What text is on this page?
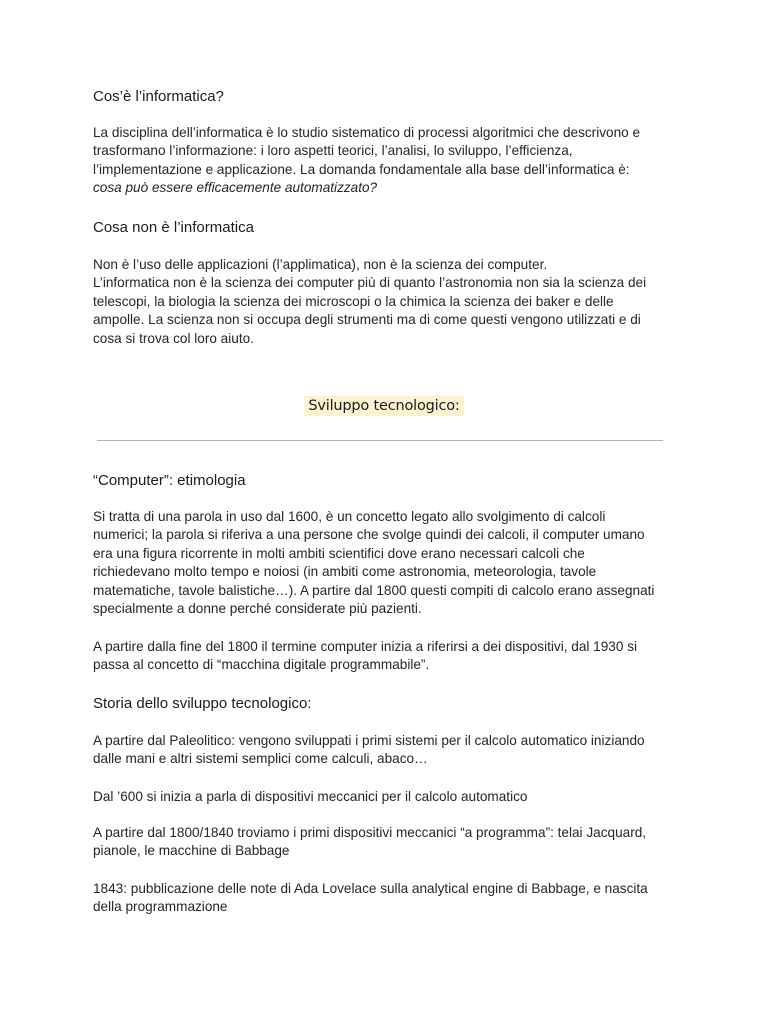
Cos’è l’informatica?

La disciplina dell’informatica è lo studio sistematico di processi algoritmici che descrivono e
trasformano l’informazione: i loro aspetti teorici, l’analisi, lo sviluppo, l’efficienza,
l’implementazione e applicazione. La domanda fondamentale alla base dell’informatica è:
cosa può essere efficacemente automatizzato?

Cosa non è l’informatica

Non è l’uso delle applicazioni (l’applimatica), non è la scienza dei computer.
L’informatica non è la scienza dei computer più di quanto l’astronomia non sia la scienza dei
telescopi, la biologia la scienza dei microscopi o la chimica la scienza dei baker e delle
ampolle. La scienza non si occupa degli strumenti ma di come questi vengono utilizzati e di
cosa si trova col loro aiuto.

Sviluppo tecnologico:
“Computer”: etimologia

Si tratta di una parola in uso dal 1600, è un concetto legato allo svolgimento di calcoli
numerici; la parola si riferiva a una persone che svolge quindi dei calcoli, il computer umano
era una figura ricorrente in molti ambiti scientifici dove erano necessari calcoli che
richiedevano molto tempo e noiosi (in ambiti come astronomia, meteorologia, tavole
matematiche, tavole balistiche…). A partire dal 1800 questi compiti di calcolo erano assegnati
specialmente a donne perché considerate più pazienti.

A partire dalla fine del 1800 il termine computer inizia a riferirsi a dei dispositivi, dal 1930 si
passa al concetto di “macchina digitale programmabile”.

Storia dello sviluppo tecnologico:

A partire dal Paleolitico: vengono sviluppati i primi sistemi per il calcolo automatico iniziando
dalle mani e altri sistemi semplici come calculi, abaco…

Dal ’600 si inizia a parla di dispositivi meccanici per il calcolo automatico

A partire dal 1800/1840 troviamo i primi dispositivi meccanici “a programma”: telai Jacquard,
pianole, le macchine di Babbage

1843: pubblicazione delle note di Ada Lovelace sulla analytical engine di Babbage, e nascita
della programmazione
